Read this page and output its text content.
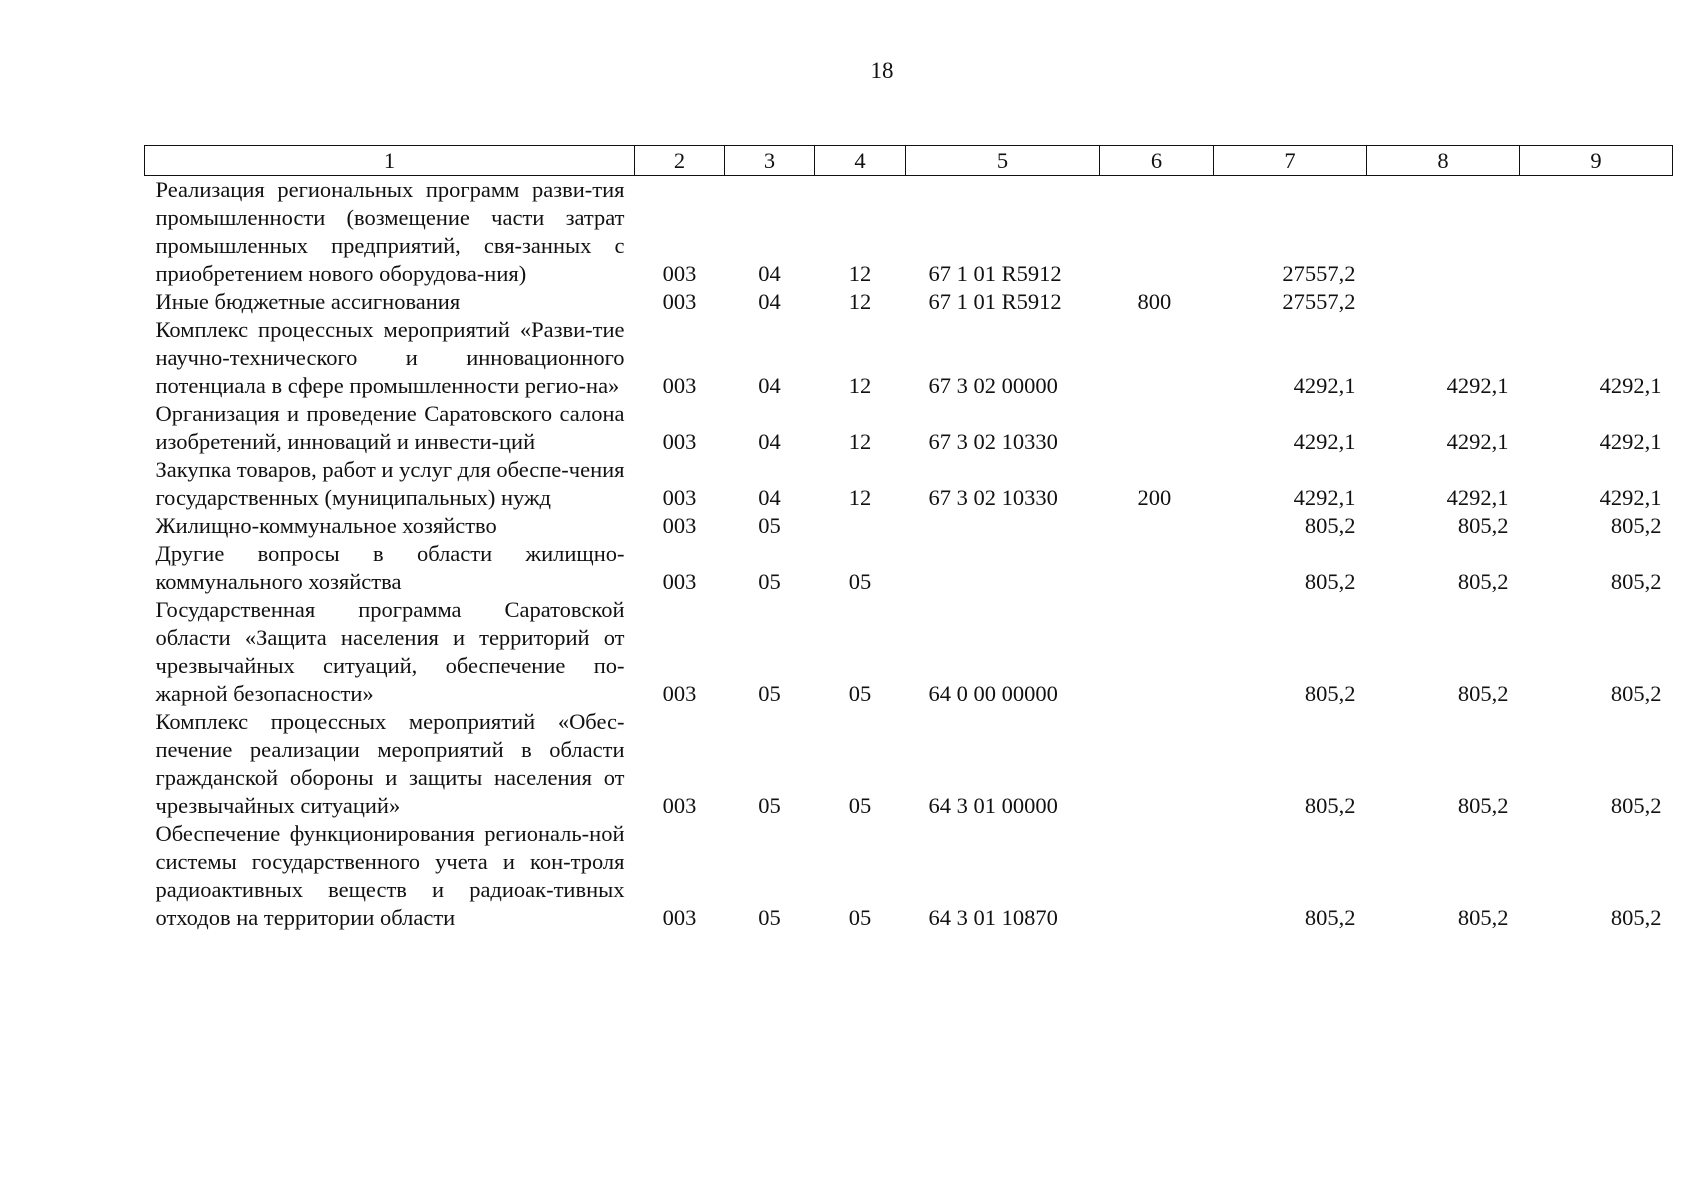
18
1	2	3	4	5	6	7	8	9
Реализация региональных программ разви-тия промышленности (возмещение части затрат промышленных предприятий, свя-занных с приобретением нового оборудова-ния)	003	04	12	67 1 01 R5912		27557,2		
Иные бюджетные ассигнования	003	04	12	67 1 01 R5912	800	27557,2		
Комплекс процессных мероприятий «Разви-тие научно-технического и инновационного потенциала в сфере промышленности регио-на»	003	04	12	67 3 02 00000		4292,1	4292,1	4292,1
Организация и проведение Саратовского салона изобретений, инноваций и инвести-ций	003	04	12	67 3 02 10330		4292,1	4292,1	4292,1
Закупка товаров, работ и услуг для обеспе-чения государственных (муниципальных) нужд	003	04	12	67 3 02 10330	200	4292,1	4292,1	4292,1
Жилищно-коммунальное хозяйство	003	05				805,2	805,2	805,2
Другие вопросы в области жилищно-коммунального хозяйства	003	05	05			805,2	805,2	805,2
Государственная программа Саратовской области «Защита населения и территорий от чрезвычайных ситуаций, обеспечение по-жарной безопасности»	003	05	05	64 0 00 00000		805,2	805,2	805,2
Комплекс процессных мероприятий «Обес-печение реализации мероприятий в области гражданской обороны и защиты населения от чрезвычайных ситуаций»	003	05	05	64 3 01 00000		805,2	805,2	805,2
Обеспечение функционирования региональ-ной системы государственного учета и кон-троля радиоактивных веществ и радиоак-тивных отходов на территории области	003	05	05	64 3 01 10870		805,2	805,2	805,2
